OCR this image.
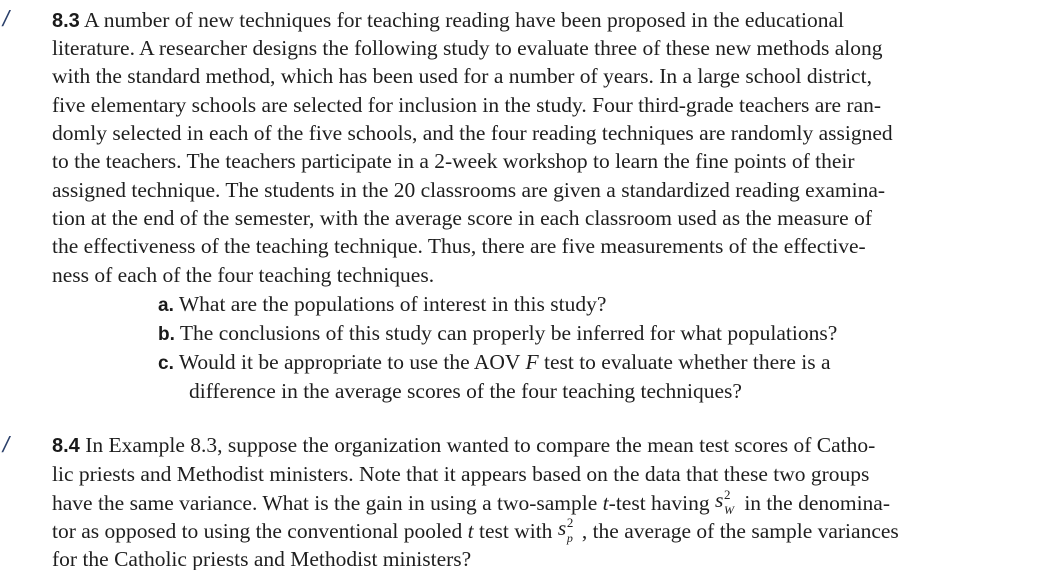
/
/
8.3 A number of new techniques for teaching reading have been proposed in the educational
literature. A researcher designs the following study to evaluate three of these new methods along
with the standard method, which has been used for a number of years. In a large school district,
five elementary schools are selected for inclusion in the study. Four third-grade teachers are ran-
domly selected in each of the five schools, and the four reading techniques are randomly assigned
to the teachers. The teachers participate in a 2-week workshop to learn the fine points of their
assigned technique. The students in the 20 classrooms are given a standardized reading examina-
tion at the end of the semester, with the average score in each classroom used as the measure of
the effectiveness of the teaching technique. Thus, there are five measurements of the effective-
ness of each of the four teaching techniques.
a. What are the populations of interest in this study?
b. The conclusions of this study can properly be inferred for what populations?
c. Would it be appropriate to use the AOV F test to evaluate whether there is a
difference in the average scores of the four teaching techniques?
8.4 In Example 8.3, suppose the organization wanted to compare the mean test scores of Catho-
lic priests and Methodist ministers. Note that it appears based on the data that these two groups
have the same variance. What is the gain in using a two-sample t-test having s 2
W in the denomina-
tor as opposed to using the conventional pooled t test with s 2
p , the average of the sample variances
for the Catholic priests and Methodist ministers?
